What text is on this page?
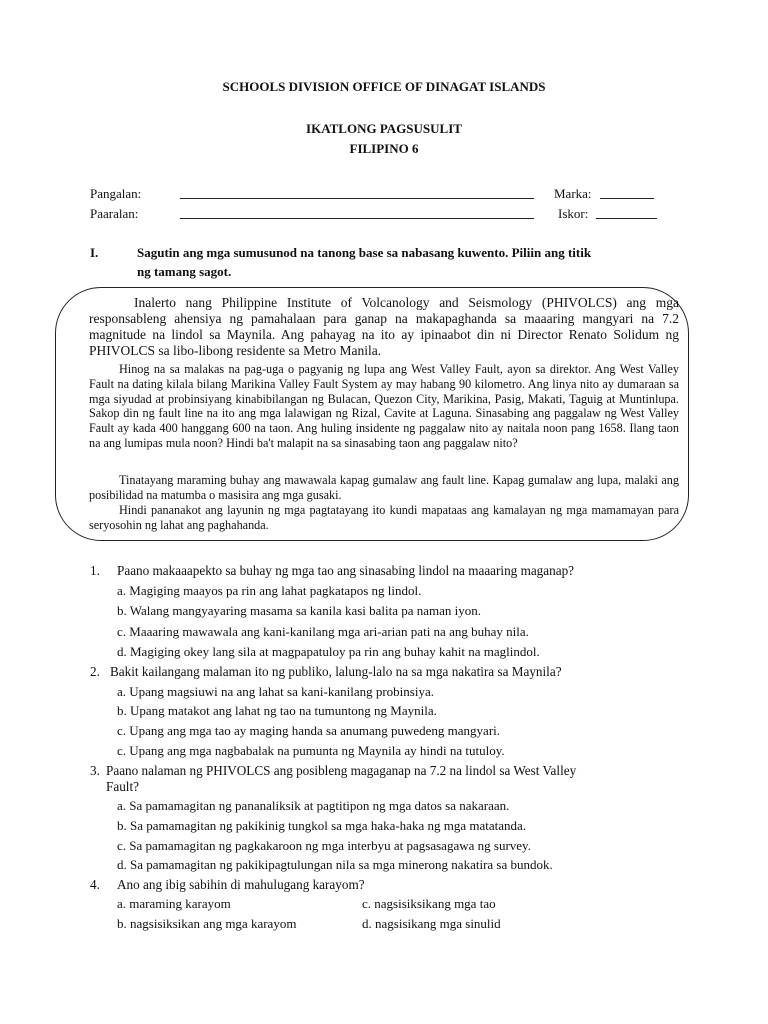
SCHOOLS DIVISION OFFICE OF DINAGAT ISLANDS
IKATLONG PAGSUSULIT
FILIPINO 6
Pangalan:	Marka:
Paaralan:	Iskor:
I.	Sagutin ang mga sumusunod na tanong base sa nabasang kuwento. Piliin ang titik
ng tamang sagot.
Inalerto nang Philippine Institute of Volcanology and Seismology (PHIVOLCS) ang mga responsableng ahensiya ng pamahalaan para ganap na makapaghanda sa maaaring mangyari na 7.2 magnitude na lindol sa Maynila. Ang pahayag na ito ay ipinaabot din ni Director Renato Solidum ng PHIVOLCS sa libo-libong residente sa Metro Manila.
Hinog na sa malakas na pag-uga o pagyanig ng lupa ang West Valley Fault, ayon sa direktor. Ang West Valley Fault na dating kilala bilang Marikina Valley Fault System ay may habang 90 kilometro. Ang linya nito ay dumaraan sa mga siyudad at probinsiyang kinabibilangan ng Bulacan, Quezon City, Marikina, Pasig, Makati, Taguig at Muntinlupa. Sakop din ng fault line na ito ang mga lalawigan ng Rizal, Cavite at Laguna. Sinasabing ang paggalaw ng West Valley Fault ay kada 400 hanggang 600 na taon. Ang huling insidente ng paggalaw nito ay naitala noon pang 1658. Ilang taon na ang lumipas mula noon? Hindi ba't malapit na sa sinasabing taon ang paggalaw nito?
Tinatayang maraming buhay ang mawawala kapag gumalaw ang fault line. Kapag gumalaw ang lupa, malaki ang posibilidad na matumba o masisira ang mga gusaki.
Hindi pananakot ang layunin ng mga pagtatayang ito kundi mapataas ang kamalayan ng mga mamamayan para seryosohin ng lahat ang paghahanda.
1. Paano makaaapekto sa buhay ng mga tao ang sinasabing lindol na maaaring maganap?
a. Magiging maayos pa rin ang lahat pagkatapos ng lindol.
b. Walang mangyayaring masama sa kanila kasi balita pa naman iyon.
c. Maaaring mawawala ang kani-kanilang mga ari-arian pati na ang buhay nila.
d. Magiging okey lang sila at magpapatuloy pa rin ang buhay kahit na maglindol.
2. Bakit kailangang malaman ito ng publiko, lalung-lalo na sa mga nakatira sa Maynila?
a. Upang magsiuwi na ang lahat sa kani-kanilang probinsiya.
b. Upang matakot ang lahat ng tao na tumuntong ng Maynila.
c. Upang ang mga tao ay maging handa sa anumang puwedeng mangyari.
c. Upang ang mga nagbabalak na pumunta ng Maynila ay hindi na tutuloy.
3. Paano nalaman ng PHIVOLCS ang posibleng magaganap na 7.2 na lindol sa West Valley
Fault?
a. Sa pamamagitan ng pananaliksik at pagtitipon ng mga datos sa nakaraan.
b. Sa pamamagitan ng pakikinig tungkol sa mga haka-haka ng mga matatanda.
c. Sa pamamagitan ng pagkakaroon ng mga interbyu at pagsasagawa ng survey.
d. Sa pamamagitan ng pakikipagtulungan nila sa mga minerong nakatira sa bundok.
4. Ano ang ibig sabihin di mahulugang karayom?
a. maraming karayom	c. nagsisiksikang mga tao
b. nagsisiksikan ang mga karayom	d. nagsisikang mga sinulid
